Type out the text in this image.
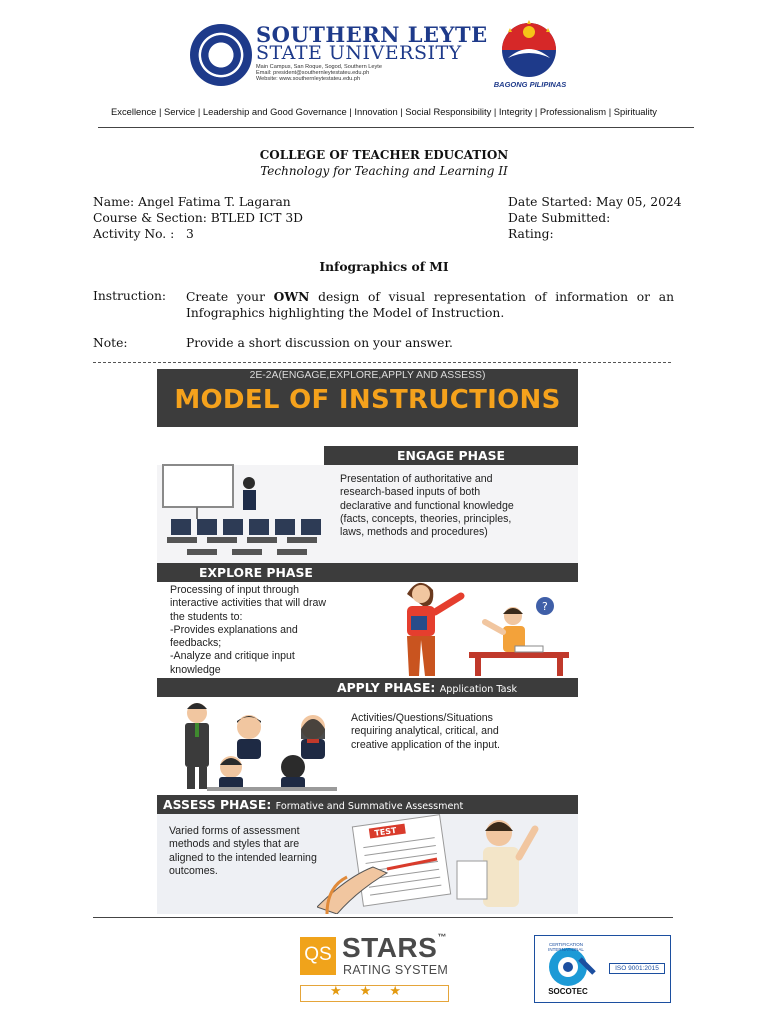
SOUTHERN LEYTE
STATE UNIVERSITY
Main Campus, San Roque, Sogod, Southern Leyte
Email: president@southernleytestateu.edu.ph
Website: www.southernleytestateu.edu.ph
BAGONG PILIPINAS
Excellence | Service | Leadership and Good Governance | Innovation | Social Responsibility | Integrity | Professionalism | Spirituality
COLLEGE OF TEACHER EDUCATION
Technology for Teaching and Learning II
Name: Angel Fatima T. Lagaran
Course & Section: BTLED ICT 3D
Activity No. : 3
Date Started: May 05, 2024
Date Submitted:
Rating:
Infographics of MI
Instruction: Create your OWN design of visual representation of information or an Infographics highlighting the Model of Instruction.
Note:	Provide a short discussion on your answer.
2E-2A(ENGAGE,EXPLORE,APPLY AND ASSESS)
MODEL OF INSTRUCTIONS
ENGAGE PHASE
Presentation of authoritative and
research-based inputs of both
declarative and functional knowledge
(facts, concepts, theories, principles,
laws, methods and procedures)
EXPLORE PHASE
Processing of input through
interactive activities that will draw
the students to:
-Provides explanations and
feedbacks;
-Analyze and critique input
knowledge
?
APPLY PHASE: Application Task
Activities/Questions/Situations
requiring analytical, critical, and
creative application of the input.
ASSESS PHASE: Formative and Summative Assessment
Varied forms of assessment
methods and styles that are
aligned to the intended learning
outcomes.
TEST
QS STARS™
RATING SYSTEM
★★★
CERTIFICATION INTERNATIONAL
SOCOTEC
ISO 9001:2015
